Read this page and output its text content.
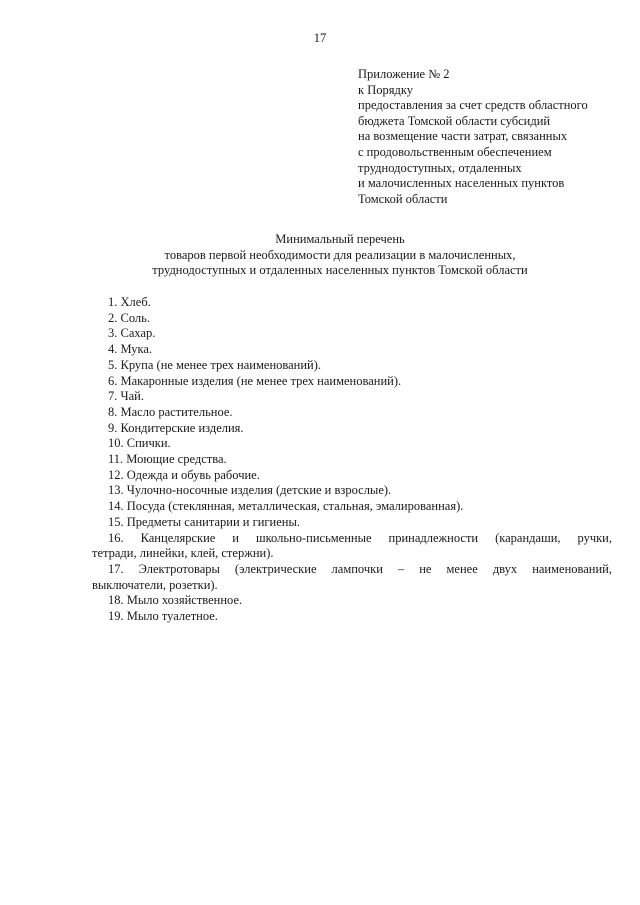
17
Приложение № 2
к Порядку
предоставления за счет средств областного
бюджета Томской области субсидий
на возмещение части затрат, связанных
с продовольственным обеспечением
труднодоступных, отдаленных
и малочисленных населенных пунктов
Томской области
Минимальный перечень
товаров первой необходимости для реализации в малочисленных,
труднодоступных и отдаленных населенных пунктов Томской области
1. Хлеб.
2. Соль.
3. Сахар.
4. Мука.
5. Крупа (не менее трех наименований).
6. Макаронные изделия (не менее трех наименований).
7. Чай.
8. Масло растительное.
9. Кондитерские изделия.
10. Спички.
11. Моющие средства.
12. Одежда и обувь рабочие.
13. Чулочно-носочные изделия (детские и взрослые).
14. Посуда (стеклянная, металлическая, стальная, эмалированная).
15. Предметы санитарии и гигиены.
16. Канцелярские и школьно-письменные принадлежности (карандаши, ручки,
тетради, линейки, клей, стержни).
17. Электротовары (электрические лампочки – не менее двух наименований,
выключатели, розетки).
18. Мыло хозяйственное.
19. Мыло туалетное.
